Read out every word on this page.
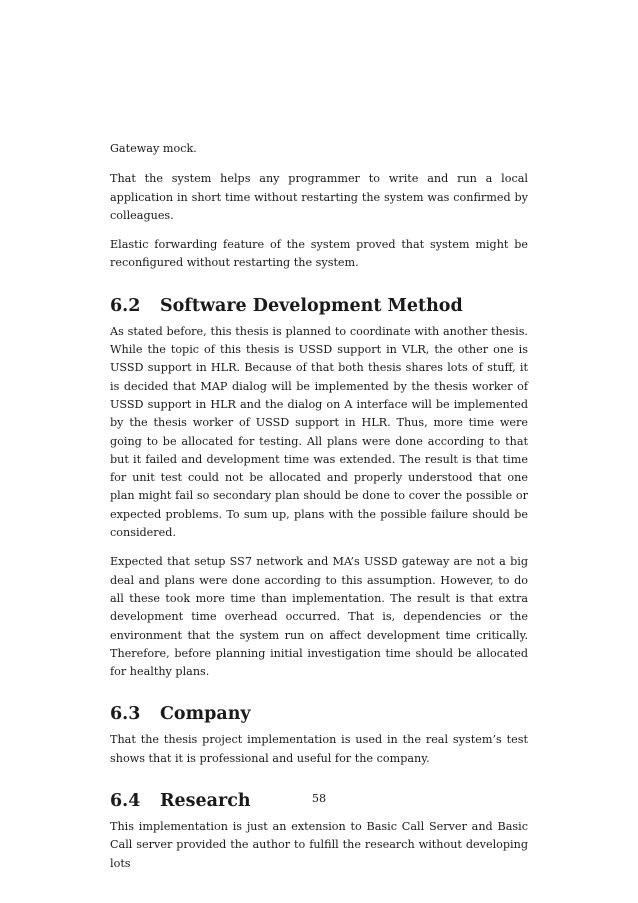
Gateway mock.

That the system helps any programmer to write and run a local application in short time without restarting the system was confirmed by colleagues.

Elastic forwarding feature of the system proved that system might be reconfigured without restarting the system.

6.2	Software Development Method

As stated before, this thesis is planned to coordinate with another thesis. While the topic of this thesis is USSD support in VLR, the other one is USSD support in HLR. Because of that both thesis shares lots of stuff, it is decided that MAP dialog will be implemented by the thesis worker of USSD support in HLR and the dialog on A interface will be implemented by the thesis worker of USSD support in HLR. Thus, more time were going to be allocated for testing. All plans were done according to that but it failed and development time was extended. The result is that time for unit test could not be allocated and properly understood that one plan might fail so secondary plan should be done to cover the possible or expected problems. To sum up, plans with the possible failure should be considered.

Expected that setup SS7 network and MA’s USSD gateway are not a big deal and plans were done according to this assumption. However, to do all these took more time than implementation. The result is that extra development time overhead occurred. That is, dependencies or the environment that the system run on affect development time critically. Therefore, before planning initial investigation time should be allocated for healthy plans.

6.3	Company

That the thesis project implementation is used in the real system’s test shows that it is professional and useful for the company.

6.4	Research

This implementation is just an extension to Basic Call Server and Basic Call server provided the author to fulfill the research without developing lots

58
